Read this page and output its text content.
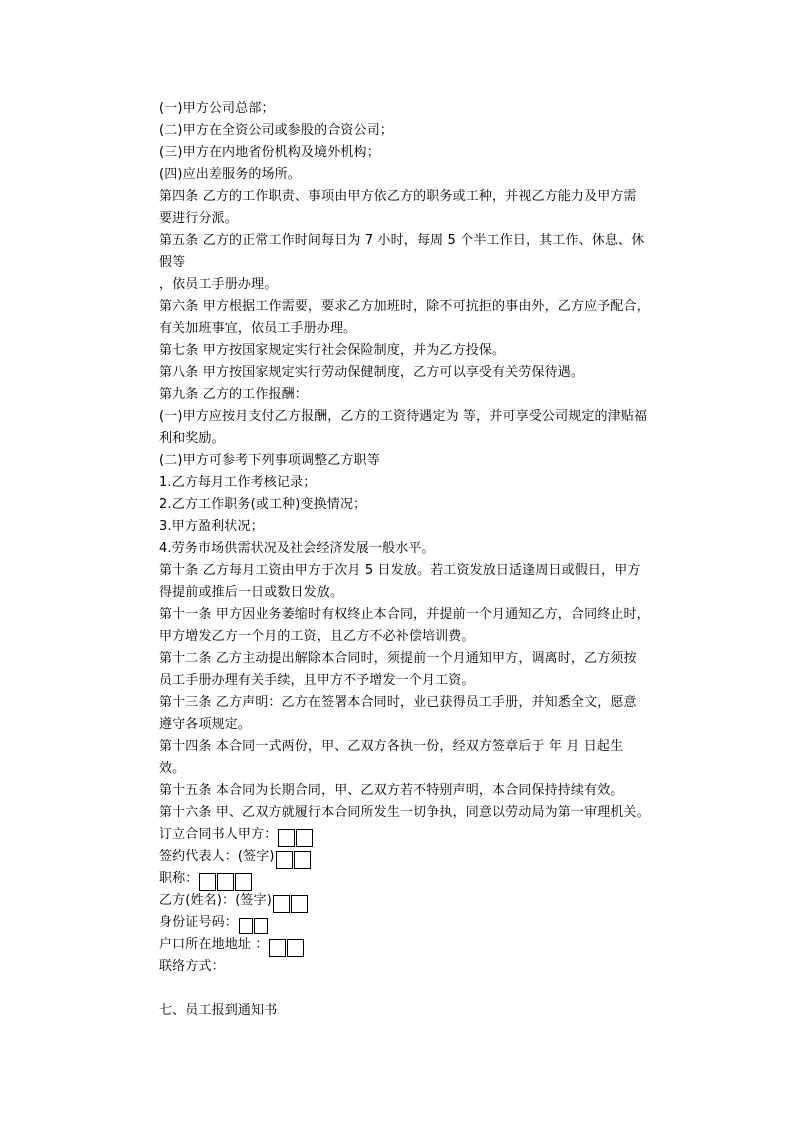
(一)甲方公司总部；
(二)甲方在全资公司或参股的合资公司；
(三)甲方在内地省份机构及境外机构；
(四)应出差服务的场所。
第四条 乙方的工作职责、事项由甲方依乙方的职务或工种，并视乙方能力及甲方需
要进行分派。
第五条 乙方的正常工作时间每日为 7 小时，每周 5 个半工作日，其工作、休息、休
假等
，依员工手册办理。
第六条 甲方根据工作需要，要求乙方加班时，除不可抗拒的事由外，乙方应予配合，
有关加班事宜，依员工手册办理。
第七条 甲方按国家规定实行社会保险制度，并为乙方投保。
第八条 甲方按国家规定实行劳动保健制度，乙方可以享受有关劳保待遇。
第九条 乙方的工作报酬：
(一)甲方应按月支付乙方报酬，乙方的工资待遇定为 等，并可享受公司规定的津贴福
利和奖励。
(二)甲方可参考下列事项调整乙方职等
1.乙方每月工作考核记录；
2.乙方工作职务(或工种)变换情况；
3.甲方盈利状况；
4.劳务市场供需状况及社会经济发展一般水平。
第十条 乙方每月工资由甲方于次月 5 日发放。若工资发放日适逢周日或假日，甲方
得提前或推后一日或数日发放。
第十一条 甲方因业务萎缩时有权终止本合同，并提前一个月通知乙方，合同终止时，
甲方增发乙方一个月的工资，且乙方不必补偿培训费。
第十二条 乙方主动提出解除本合同时，须提前一个月通知甲方，调离时，乙方须按
员工手册办理有关手续，且甲方不予增发一个月工资。
第十三条 乙方声明：乙方在签署本合同时，业已获得员工手册，并知悉全文，愿意
遵守各项规定。
第十四条 本合同一式两份，甲、乙双方各执一份，经双方签章后于 年 月 日起生
效。
第十五条 本合同为长期合同，甲、乙双方若不特别声明，本合同保持持续有效。
第十六条 甲、乙双方就履行本合同所发生一切争执，同意以劳动局为第一审理机关。
订立合同书人甲方：
签约代表人：(签字)
职称：
乙方(姓名)：(签字)
身份证号码：
户口所在地地址 ：
联络方式：
七、员工报到通知书
